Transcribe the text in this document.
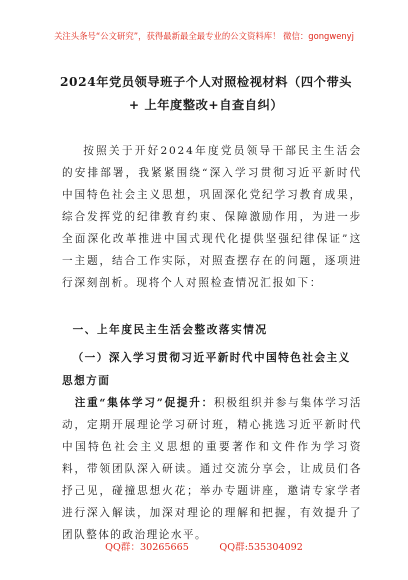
关注头条号“公文研究”，获得最新最全最专业的公文资料库！ 微信：gongwenyj
2024年党员领导班子个人对照检视材料（四个带头 + 上年度整改+自查自纠）

按照关于开好2024年度党员领导干部民主生活会的安排部署，我紧紧围绕“深入学习贯彻习近平新时代中国特色社会主义思想，巩固深化党纪学习教育成果，综合发挥党的纪律教育约束、保障激励作用，为进一步全面深化改革推进中国式现代化提供坚强纪律保证”这一主题，结合工作实际，对照查摆存在的问题，逐项进行深刻剖析。现将个人对照检查情况汇报如下：

一、上年度民主生活会整改落实情况
（一）深入学习贯彻习近平新时代中国特色社会主义思想方面

注重“集体学习”促提升：积极组织并参与集体学习活动，定期开展理论学习研讨班，精心挑选习近平新时代中国特色社会主义思想的重要著作和文件作为学习资料，带领团队深入研读。通过交流分享会，让成员们各抒己见，碰撞思想火花；举办专题讲座，邀请专家学者进行深入解读，加深对理论的理解和把握，有效提升了团队整体的政治理论水平。

QQ群：30265665	QQ群:535304092
